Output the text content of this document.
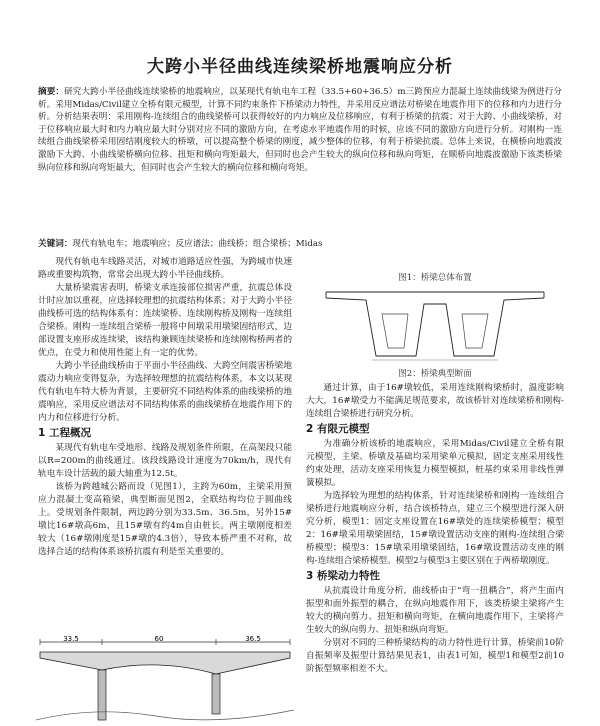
大跨小半径曲线连续梁桥地震响应分析

摘要：研究大跨小半径曲线连续梁桥的地震响应，以某现代有轨电车工程（33.5+60+36.5）m三跨预应力混凝土连续曲线梁为例进行分析。采用Midas/Civil建立全桥有限元模型，计算不同约束条件下桥梁动力特性，并采用反应谱法对桥梁在地震作用下的位移和内力进行分析。分析结果表明：采用刚构-连续组合的曲线梁桥可以获得较好的内力响应及位移响应，有利于桥梁的抗震；对于大跨、小曲线梁桥，对于位移响应最大时和内力响应最大时分别对应不同的激励方向，在考虑水平地震作用的时候，应该不同的激励方向进行分析。对刚构一连续组合曲线梁桥采用固结刚度较大的桥墩，可以提高整个桥梁的刚度，减少整体的位移，有利于桥梁抗震。总体上来说，在横桥向地震波激励下大跨、小曲线梁桥横向位移、扭矩和横向弯矩最大，但同时也会产生较大的纵向位移和纵向弯矩，在顺桥向地震波激励下该类桥梁纵向位移和纵向弯矩最大，但同时也会产生较大的横向位移和横向弯矩。

关键词：现代有轨电车；地震响应；反应谱法；曲线桥；组合梁桥；Midas

现代有轨电车线路灵活，对城市道路适应性强，为跨城市快速路或重要构筑物，常常会出现大跨小半径曲线桥。

大量桥梁震害表明，桥梁支承连接部位损害严重，抗震总体设计时应加以重视，应选择较理想的抗震结构体系；对于大跨小半径曲线桥可选的结构体系有：连续梁桥、连续刚构桥及刚构一连续组合梁桥。刚构一连续组合梁桥一般将中间墩采用墩梁固结形式，边部设置支座形成连续梁，该结构兼顾连续梁桥和连续刚构桥两者的优点，在受力和使用性能上有一定的优势。

大跨小半径曲线桥由于平面小半径曲线、大跨空间震害桥梁地震动力响应变得复杂，为选择较理想的抗震结构体系，本文以某现代有轨电车特大桥为背景，主要研究不同结构体系的曲线梁桥的地震响应，采用反应谱法对不同结构体系的曲线梁桥在地震作用下的内力和位移进行分析。

1 工程概况

某现代有轨电车受地形、线路及规划条件所限，在高架段只能以R=200m的曲线通过。该段线路设计速度为70km/h，现代有轨电车设计活载的最大轴重为12.5t。

该桥为跨越城公路而设（见图1），主跨为60m，主梁采用预应力混凝土变高箱梁，典型断面见图2，全联结构均位于圆曲线上。受规划条件限制，两边跨分别为33.5m、36.5m，另外15#墩比16#墩高6m，且15#墩有约4m自由桩长。两主墩刚度相差较大（16#墩刚度是15#墩的4.3倍），导致本桥严重不对称，故选择合适的结构体系该桥抗震有利是至关重要的。

33.5	60	36.5
图1：桥梁总体布置
图2：桥梁典型断面

通过计算，由于16#墩较低，采用连续刚构梁桥时，温度影响大大，16#墩受力不能满足规范要求，故该桥针对连续梁桥和刚构-连续组合梁桥进行研究分析。

2 有限元模型

为准确分析该桥的地震响应，采用Midas/Civil建立全桥有限元模型，主梁、桥墩及基础均采用梁单元模拟，固定支座采用线性约束处理，活动支座采用恢复力模型模拟，桩基约束采用非线性弹簧模拟。

为选择较为理想的结构体系，针对连续梁桥和刚构一连续组合梁桥进行地震响应分析，结合该桥特点，建立三个模型进行深入研究分析，模型1：固定支座设置在16#墩处的连续梁桥模型；模型2：16#墩采用墩梁固结，15#墩设置活动支座的刚构-连续组合梁桥模型；模型3：15#墩采用墩梁固结，16#墩设置活动支座的刚构-连续组合梁桥模型。模型2与模型3主要区别在于两桥墩刚度。

3 桥梁动力特性

从抗震设计角度分析，曲线桥由于“弯一扭耦合”，将产生面内振型和面外振型的耦合，在纵向地震作用下，该类桥梁主梁将产生较大的横向剪力、扭矩和横向弯矩，在横向地震作用下，主梁将产生较大的纵向剪力、扭矩和纵向弯矩。

分别对不同的三种桥梁结构的动力特性进行计算，桥梁前10阶自振频率及振型计算结果见表1，由表1可知，模型1和模型2前10阶振型频率相差不大。
